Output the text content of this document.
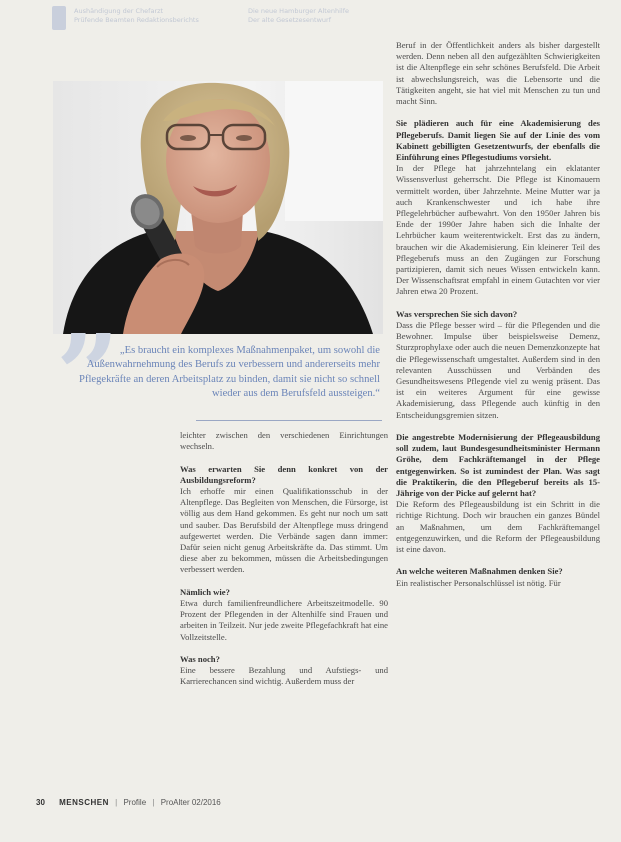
Aushändigung der Chefarzt
Prüfende Beamten Redaktionsberichts
Die neue Hamburger Altenhilfe
Der alte Gesetzesentwurf
” „Es braucht ein komplexes Maßnahmenpaket, um sowohl die Außenwahrnehmung des Berufs zu verbessern und andererseits mehr Pflegekräfte an deren Arbeitsplatz zu binden, damit sie nicht so schnell wieder aus dem Berufsfeld aussteigen.“

leichter zwischen den verschiedenen Einrichtungen wechseln.

Was erwarten Sie denn konkret von der Ausbildungsreform?

Ich erhoffe mir einen Qualifikationsschub in der Altenpflege. Das Begleiten von Menschen, die Fürsorge, ist völlig aus dem Hand gekommen. Es geht nur noch um satt und sauber. Das Berufsbild der Altenpflege muss dringend aufgewertet werden. Die Verbände sagen dann immer: Dafür seien nicht genug Arbeitskräfte da. Das stimmt. Um diese aber zu bekommen, müssen die Arbeitsbedingungen verbessert werden.

Nämlich wie?

Etwa durch familienfreundlichere Arbeitszeitmodelle. 90 Prozent der Pflegenden in der Altenhilfe sind Frauen und arbeiten in Teilzeit. Nur jede zweite Pflegefachkraft hat eine Vollzeitstelle.

Was noch?

Eine bessere Bezahlung und Aufstiegs- und Karrierechancen sind wichtig. Außerdem muss der

Beruf in der Öffentlichkeit anders als bisher dargestellt werden. Denn neben all den aufgezählten Schwierigkeiten ist die Altenpflege ein sehr schönes Berufsfeld. Die Arbeit ist abwechslungsreich, was die Lebensorte und die Tätigkeiten angeht, sie hat viel mit Menschen zu tun und macht Sinn.

Sie plädieren auch für eine Akademisierung des Pflegeberufs. Damit liegen Sie auf der Linie des vom Kabinett gebilligten Gesetzentwurfs, der ebenfalls die Einführung eines Pflegestudiums vorsieht.

In der Pflege hat jahrzehntelang ein eklatanter Wissensverlust geherrscht. Die Pflege ist Kinomauern vermittelt worden, über Jahrzehnte. Meine Mutter war ja auch Krankenschwester und ich habe ihre Pflegelehrbücher aufbewahrt. Von den 1950er Jahren bis Ende der 1990er Jahre haben sich die Inhalte der Lehrbücher kaum weiterentwickelt. Erst das zu ändern, brauchen wir die Akademisierung. Ein kleinerer Teil des Pflegeberufs muss an den Zugängen zur Forschung partizipieren, damit sich neues Wissen entwickeln kann. Der Wissenschaftsrat empfahl in einem Gutachten vor vier Jahren etwa 20 Prozent.

Was versprechen Sie sich davon?

Dass die Pflege besser wird – für die Pflegenden und die Bewohner. Impulse über beispielsweise Demenz, Sturzprophylaxe oder auch die neuen Demenzkonzepte hat die Pflegewissenschaft umgestaltet. Außerdem sind in den relevanten Ausschüssen und Verbänden des Gesundheitswesens Pflegende viel zu wenig präsent. Das ist ein weiteres Argument für eine gewisse Akademisierung, dass Pflegende auch künftig in den Entscheidungsgremien sitzen.

Die angestrebte Modernisierung der Pflegeausbildung soll zudem, laut Bundesgesundheitsminister Hermann Gröhe, dem Fachkräftemangel in der Pflege entgegenwirken. So ist zumindest der Plan. Was sagt die Praktikerin, die den Pflegeberuf bereits als 15-Jährige von der Picke auf gelernt hat?

Die Reform des Pflegeausbildung ist ein Schritt in die richtige Richtung. Doch wir brauchen ein ganzes Bündel an Maßnahmen, um dem Fachkräftemangel entgegenzuwirken, und die Reform der Pflegeausbildung ist eine davon.

An welche weiteren Maßnahmen denken Sie?

Ein realistischer Personalschlüssel ist nötig. Für

30 MENSCHEN | Profile | ProAlter 02/2016
